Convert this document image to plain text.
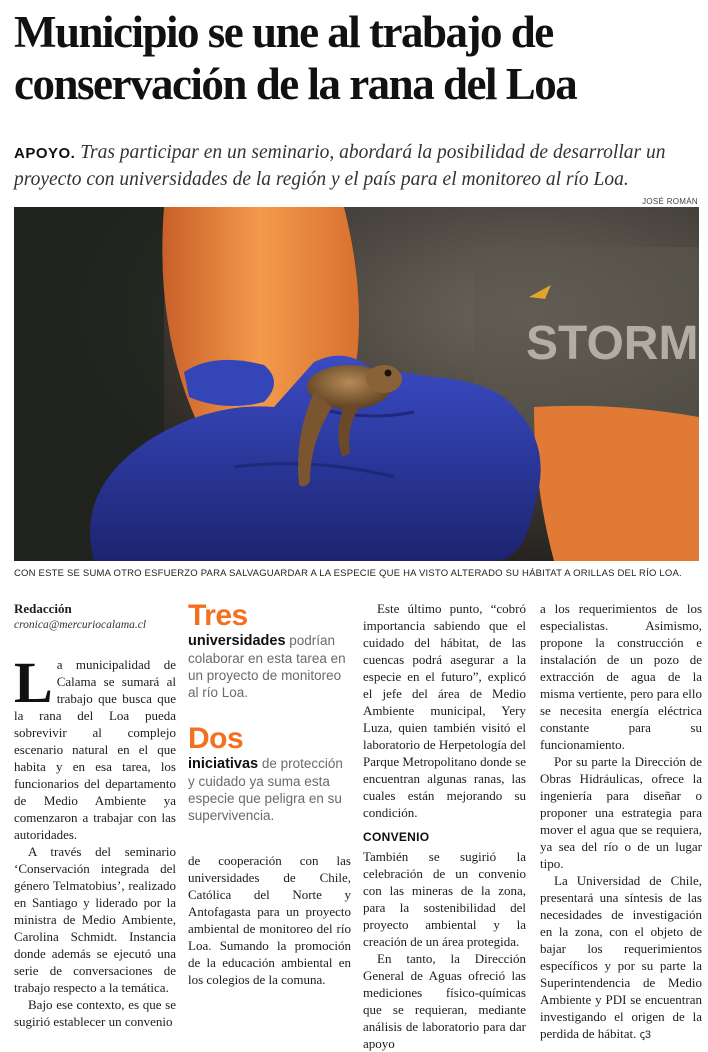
Municipio se une al trabajo de conservación de la rana del Loa
APOYO. Tras participar en un seminario, abordará la posibilidad de desarrollar un proyecto con universidades de la región y el país para el monitoreo al río Loa.
JOSÉ ROMÁN
STORM
CON ESTE SE SUMA OTRO ESFUERZO PARA SALVAGUARDAR A LA ESPECIE QUE HA VISTO ALTERADO SU HÁBITAT A ORILLAS DEL RÍO LOA.

Redacción

cronica@mercuriocalama.cl

La municipalidad de Calama se sumará al trabajo que busca que la rana del Loa pueda sobrevivir al complejo escenario natural en el que habita y en esa tarea, los funcionarios del departamento de Medio Ambiente ya comenzaron a trabajar con las autoridades.

A través del seminario ‘Conservación integrada del género Telmatobius’, realizado en Santiago y liderado por la ministra de Medio Ambiente, Carolina Schmidt. Instancia donde además se ejecutó una serie de conversaciones de trabajo respecto a la temática.

Bajo ese contexto, es que se sugirió establecer un convenio

Tres
universidades podrían colaborar en esta tarea en un proyecto de monitoreo al río Loa.
Dos
iniciativas de protección y cuidado ya suma esta especie que peligra en su supervivencia.

de cooperación con las universidades de Chile, Católica del Norte y Antofagasta para un proyecto ambiental de monitoreo del río Loa. Sumando la promoción de la educación ambiental en los colegios de la comuna.

Este último punto, “cobró importancia sabiendo que el cuidado del hábitat, de las cuencas podrá asegurar a la especie en el futuro”, explicó el jefe del área de Medio Ambiente municipal, Yery Luza, quien también visitó el laboratorio de Herpetología del Parque Metropolitano donde se encuentran algunas ranas, las cuales están mejorando su condición.

CONVENIO

También se sugirió la celebración de un convenio con las mineras de la zona, para la sostenibilidad del proyecto ambiental y la creación de un área protegida.

En tanto, la Dirección General de Aguas ofreció las mediciones físico-químicas que se requieran, mediante análisis de laboratorio para dar apoyo

a los requerimientos de los especialistas. Asimismo, propone la construcción e instalación de un pozo de extracción de agua de la misma vertiente, pero para ello se necesita energía eléctrica constante para su funcionamiento.

Por su parte la Dirección de Obras Hidráulicas, ofrece la ingeniería para diseñar o proponer una estrategia para mover el agua que se requiera, ya sea del río o de un lugar tipo.

La Universidad de Chile, presentará una síntesis de las necesidades de investigación en la zona, con el objeto de bajar los requerimientos específicos y por su parte la Superintendencia de Medio Ambiente y PDI se encuentran investigando el origen de la perdida de hábitat. ꞔ3
